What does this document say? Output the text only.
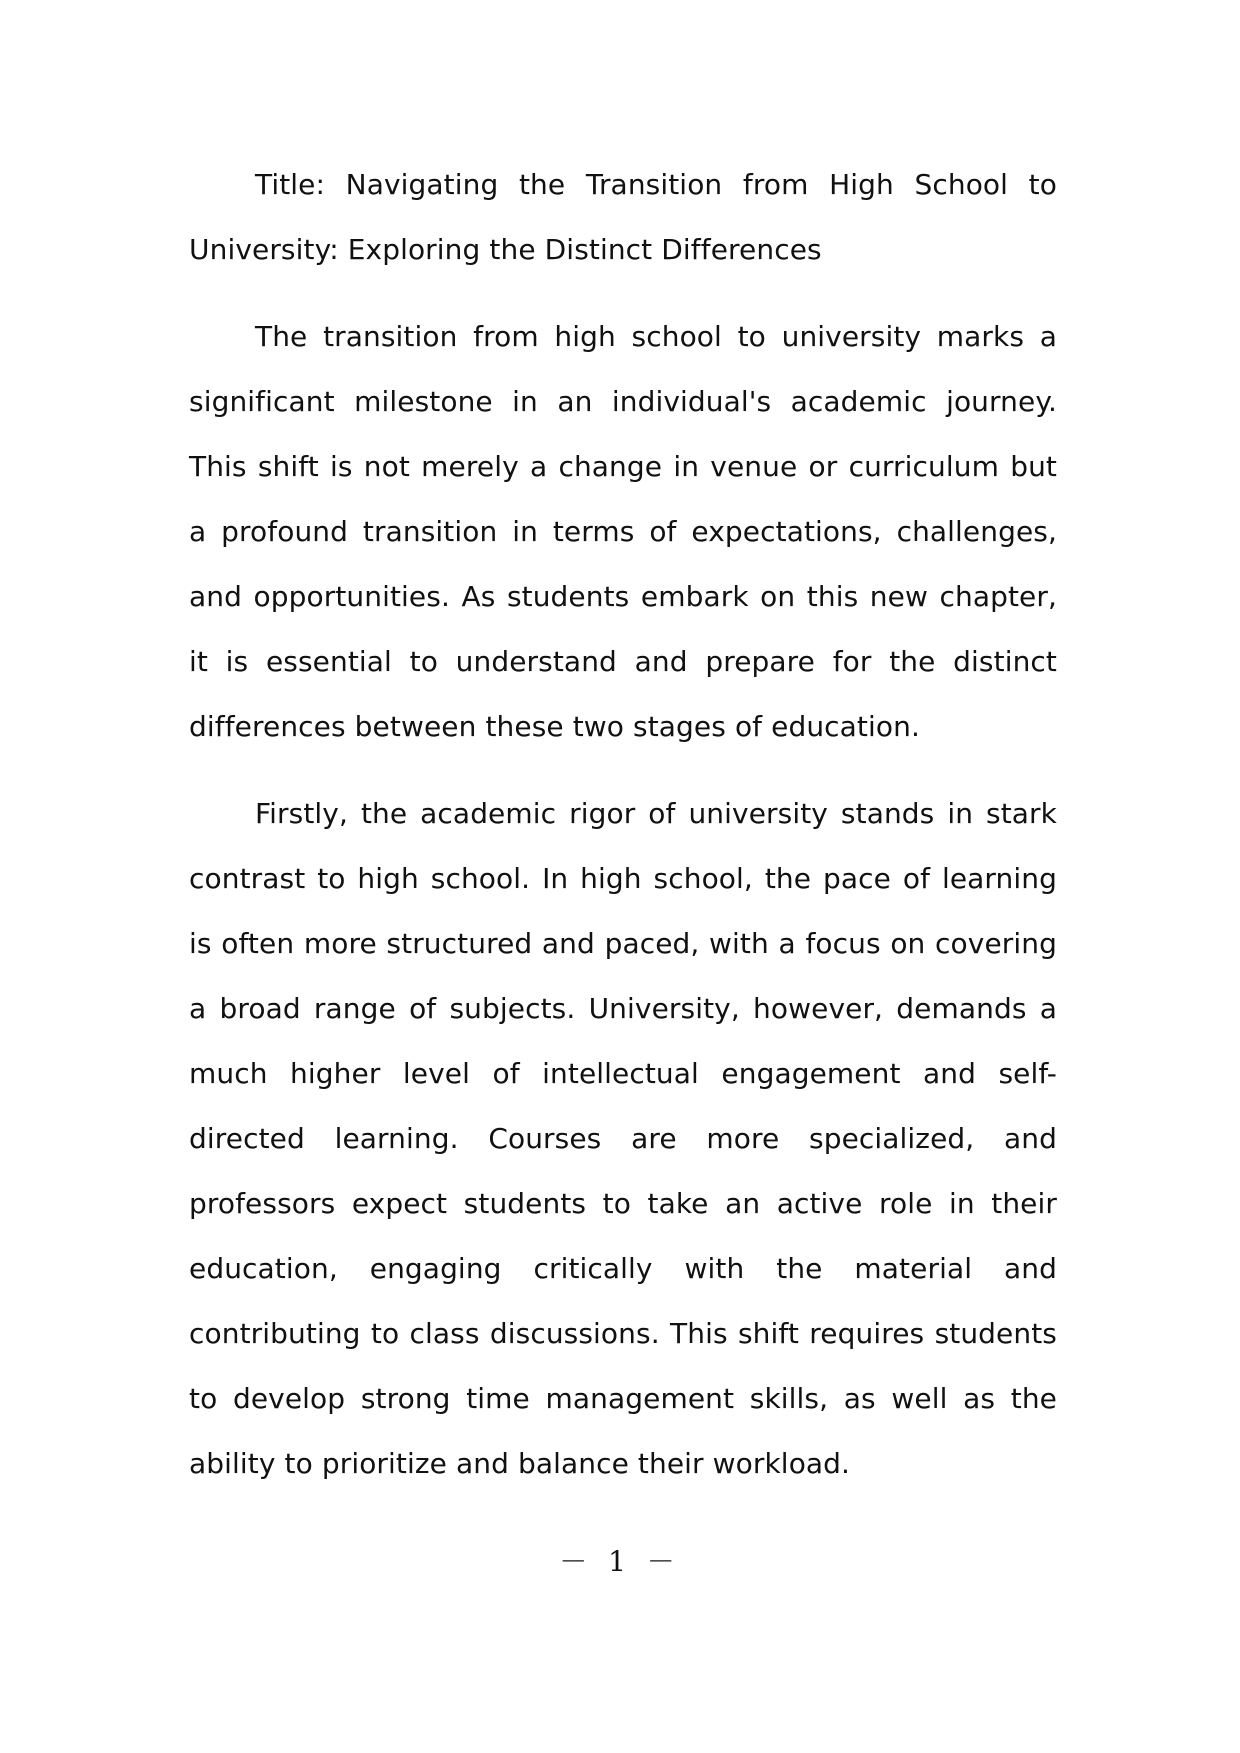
Title: Navigating the Transition from High School to University: Exploring the Distinct Differences

The transition from high school to university marks a significant milestone in an individual's academic journey. This shift is not merely a change in venue or curriculum but a profound transition in terms of expectations, challenges, and opportunities. As students embark on this new chapter, it is essential to understand and prepare for the distinct differences between these two stages of education.

Firstly, the academic rigor of university stands in stark contrast to high school. In high school, the pace of learning is often more structured and paced, with a focus on covering a broad range of subjects. University, however, demands a much higher level of intellectual engagement and self-directed learning. Courses are more specialized, and professors expect students to take an active role in their education, engaging critically with the material and contributing to class discussions. This shift requires students to develop strong time management skills, as well as the ability to prioritize and balance their workload.

－ 1 －
